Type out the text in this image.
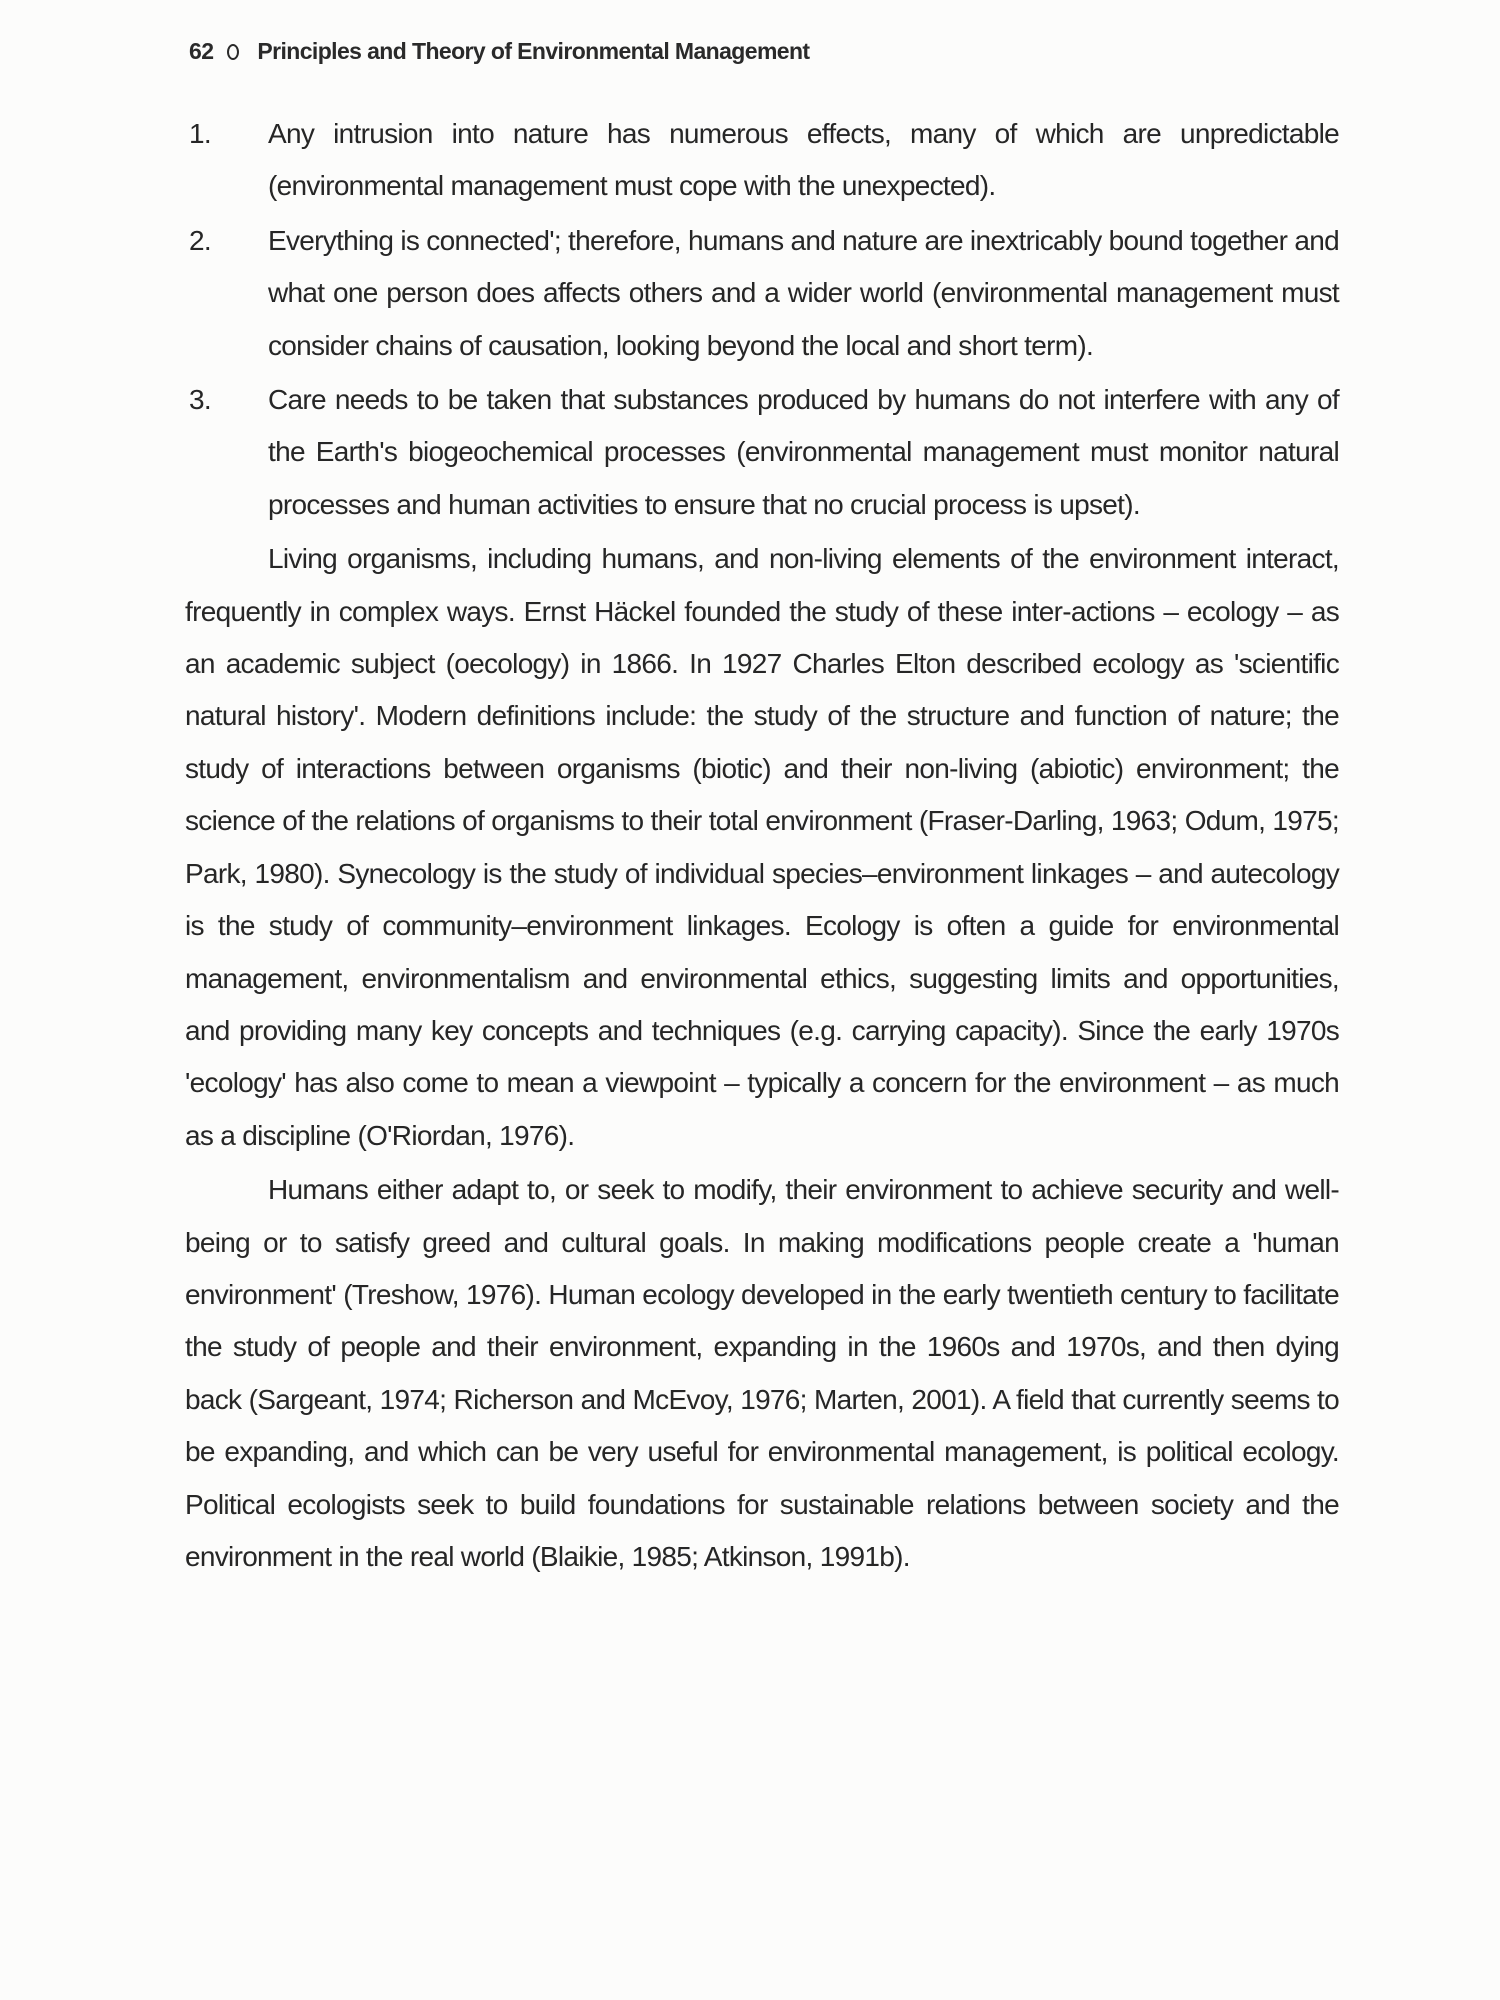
62 Principles and Theory of Environmental Management
1. Any intrusion into nature has numerous effects, many of which are unpredictable (environmental management must cope with the unexpected).
2. Everything is connected'; therefore, humans and nature are inextricably bound together and what one person does affects others and a wider world (environmental management must consider chains of causation, looking beyond the local and short term).
3. Care needs to be taken that substances produced by humans do not interfere with any of the Earth's biogeochemical processes (environmental management must monitor natural processes and human activities to ensure that no crucial process is upset).

Living organisms, including humans, and non-living elements of the environment interact, frequently in complex ways. Ernst Häckel founded the study of these inter-actions – ecology – as an academic subject (oecology) in 1866. In 1927 Charles Elton described ecology as 'scientific natural history'. Modern definitions include: the study of the structure and function of nature; the study of interactions between organisms (biotic) and their non-living (abiotic) environment; the science of the relations of organisms to their total environment (Fraser-Darling, 1963; Odum, 1975; Park, 1980). Synecology is the study of individual species–environment linkages – and autecology is the study of community–environment linkages. Ecology is often a guide for environmental management, environmentalism and environmental ethics, suggesting limits and opportunities, and providing many key concepts and techniques (e.g. carrying capacity). Since the early 1970s 'ecology' has also come to mean a viewpoint – typically a concern for the environment – as much as a discipline (O'Riordan, 1976).

Humans either adapt to, or seek to modify, their environment to achieve security and well-being or to satisfy greed and cultural goals. In making modifications people create a 'human environment' (Treshow, 1976). Human ecology developed in the early twentieth century to facilitate the study of people and their environment, expanding in the 1960s and 1970s, and then dying back (Sargeant, 1974; Richerson and McEvoy, 1976; Marten, 2001). A field that currently seems to be expanding, and which can be very useful for environmental management, is political ecology. Political ecologists seek to build foundations for sustainable relations between society and the environment in the real world (Blaikie, 1985; Atkinson, 1991b).
